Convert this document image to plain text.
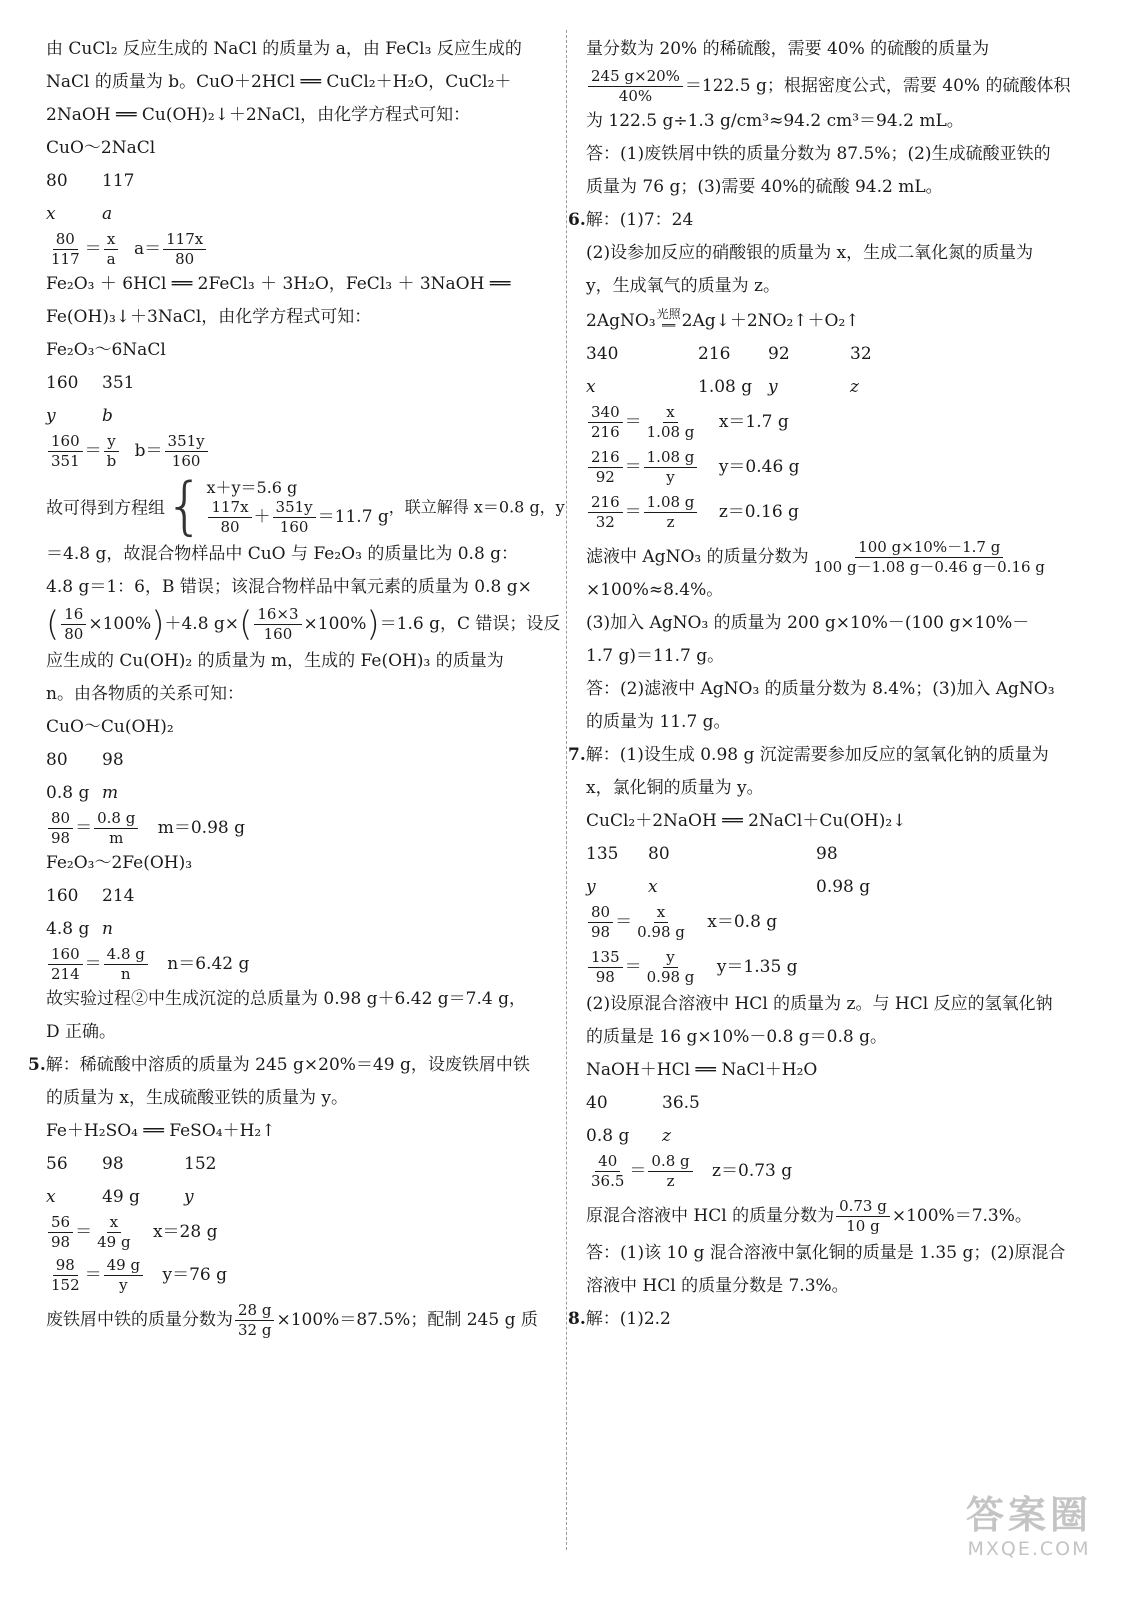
由 CuCl₂ 反应生成的 NaCl 的质量为 a，由 FeCl₃ 反应生成的
NaCl 的质量为 b。CuO＋2HCl ══ CuCl₂＋H₂O，CuCl₂＋
2NaOH ══ Cu(OH)₂↓＋2NaCl，由化学方程式可知：
CuO～2NaCl
80 117
x	a
$\frac{80}{117} = \frac{x}{a} a= \frac{117x}{80}$
Fe₂O₃ ＋ 6HCl ══ 2FeCl₃ ＋ 3H₂O，FeCl₃ ＋ 3NaOH ══
Fe(OH)₃↓＋3NaCl，由化学方程式可知：
Fe₂O₃～6NaCl
160 351
y	b
$\frac{160}{351} = \frac{y}{b} b= \frac{351y}{160}$
故可得到方程组 { x＋y＝5.6 g
$\frac{117x}{80} + \frac{351y}{160} =11.7$ g ，联立解得 x＝0.8 g，y
＝4.8 g，故混合物样品中 CuO 与 Fe₂O₃ 的质量比为 0.8 g：
4.8 g＝1：6，B 错误；该混合物样品中氧元素的质量为 0.8 g×
( $\frac{16}{80} \times 100\%)+4.8$ $g\times( \frac{16\times 3}{160} \times 100\%)=1.6$ g，C 错误；设反
应生成的 Cu(OH)₂ 的质量为 m，生成的 Fe(OH)₃ 的质量为
n。由各物质的关系可知：
CuO～Cu(OH)₂
80 98
0.8 g m
$\frac{80}{98} = \frac{0.8 g}{m} m=0.98$ g
Fe₂O₃～2Fe(OH)₃
160 214
4.8 g n
$\frac{160}{214} = \frac{4.8 g}{n} n=6.42$ g
故实验过程②中生成沉淀的总质量为 0.98 g＋6.42 g＝7.4 g，
D 正确。
5.解：稀硫酸中溶质的质量为 245 g×20%＝49 g，设废铁屑中铁
的质量为 x，生成硫酸亚铁的质量为 y。
Fe＋H₂SO₄ ══ FeSO₄＋H₂↑
56 98	152
x	49 g	y
$\frac{56}{98} = \frac{x}{49 g} x=28$ g
$\frac{98}{152} = \frac{49 g}{y} y=76$ g
废铁屑中铁的质量分数为 $\frac{28 g}{32 g} \times 100\%=87.5\%$；配制 245 g 质
量分数为 20% 的稀硫酸，需要 40% 的硫酸的质量为
$\frac{245 g\times 20\%}{40\%} =122.5$ g；根据密度公式，需要 40% 的硫酸体积
为 122.5 g÷1.3 g/cm³≈94.2 cm³＝94.2 mL。
答：(1)废铁屑中铁的质量分数为 87.5%；(2)生成硫酸亚铁的
质量为 76 g；(3)需要 40%的硫酸 94.2 mL。
6.解：(1)7：24
(2)设参加反应的硝酸银的质量为 x，生成二氧化氮的质量为
y，生成氧气的质量为 z。
2AgNO₃ 光照
══ 2Ag↓＋2NO₂↑＋O₂↑
340	216 92	32
x	1.08 g y	z
$\frac{340}{216} = \frac{x}{1.08 g} x=1.7$ g
$\frac{216}{92} = \frac{1.08 g}{y} y=0.46$ g
$\frac{216}{32} = \frac{1.08 g}{z} z=0.16$ g
滤液中 AgNO₃ 的质量分数为 $\frac{100 g\times 10\%-1.7 g}{100 g-1.08 g-0.46 g-0.16 g}$
×100%≈8.4%。
(3)加入 AgNO₃ 的质量为 200 g×10%－(100 g×10%－
1.7 g)＝11.7 g。
答：(2)滤液中 AgNO₃ 的质量分数为 8.4%；(3)加入 AgNO₃
的质量为 11.7 g。
7.解：(1)设生成 0.98 g 沉淀需要参加反应的氢氧化钠的质量为
x，氯化铜的质量为 y。
CuCl₂＋2NaOH ══ 2NaCl＋Cu(OH)₂↓
135 80	98
y	x	0.98 g
$\frac{80}{98} = \frac{x}{0.98 g} x=0.8$ g
$\frac{135}{98} = \frac{y}{0.98 g} y=1.35$ g
(2)设原混合溶液中 HCl 的质量为 z。与 HCl 反应的氢氧化钠
的质量是 16 g×10%－0.8 g＝0.8 g。
NaOH＋HCl ══ NaCl＋H₂O
40	36.5
0.8 g z
$\frac{40}{36.5} = \frac{0.8 g}{z} z=0.73$ g
原混合溶液中 HCl 的质量分数为 $\frac{0.73 g}{10 g} \times 100\%=7.3\%$。
答：(1)该 10 g 混合溶液中氯化铜的质量是 1.35 g；(2)原混合
溶液中 HCl 的质量分数是 7.3%。
8.解：(1)2.2
答案圈
MXQE.COM
